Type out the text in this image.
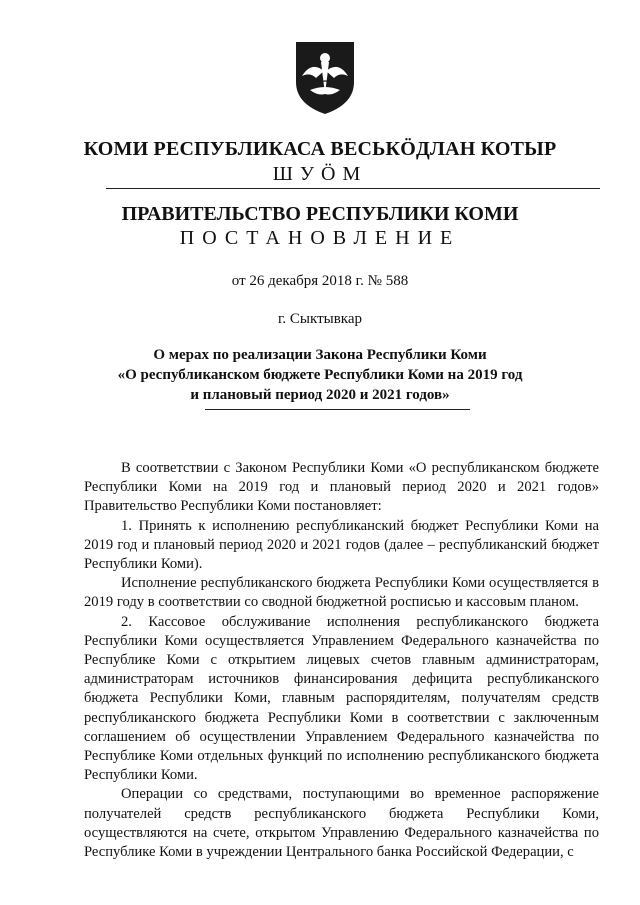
КОМИ РЕСПУБЛИКАСА ВЕСЬКӦДЛАН КОТЫР
ШУӦМ
ПРАВИТЕЛЬСТВО РЕСПУБЛИКИ КОМИ
ПОСТАНОВЛЕНИЕ
от 26 декабря 2018 г. № 588
г. Сыктывкар
О мерах по реализации Закона Республики Коми
«О республиканском бюджете Республики Коми на 2019 год
и плановый период 2020 и 2021 годов»

В соответствии с Законом Республики Коми «О республиканском бюджете Республики Коми на 2019 год и плановый период 2020 и 2021 годов» Правительство Республики Коми постановляет:

1. Принять к исполнению республиканский бюджет Республики Коми на 2019 год и плановый период 2020 и 2021 годов (далее – республиканский бюджет Республики Коми).

Исполнение республиканского бюджета Республики Коми осуществляется в 2019 году в соответствии со сводной бюджетной росписью и кассовым планом.

2. Кассовое обслуживание исполнения республиканского бюджета Республики Коми осуществляется Управлением Федерального казначейства по Республике Коми с открытием лицевых счетов главным администраторам, администраторам источников финансирования дефицита республиканского бюджета Республики Коми, главным распорядителям, получателям средств республиканского бюджета Республики Коми в соответствии с заключенным соглашением об осуществлении Управлением Федерального казначейства по Республике Коми отдельных функций по исполнению республиканского бюджета Республики Коми.

Операции со средствами, поступающими во временное распоряжение получателей средств республиканского бюджета Республики Коми, осуществляются на счете, открытом Управлению Федерального казначейства по Республике Коми в учреждении Центрального банка Российской Федерации, с
